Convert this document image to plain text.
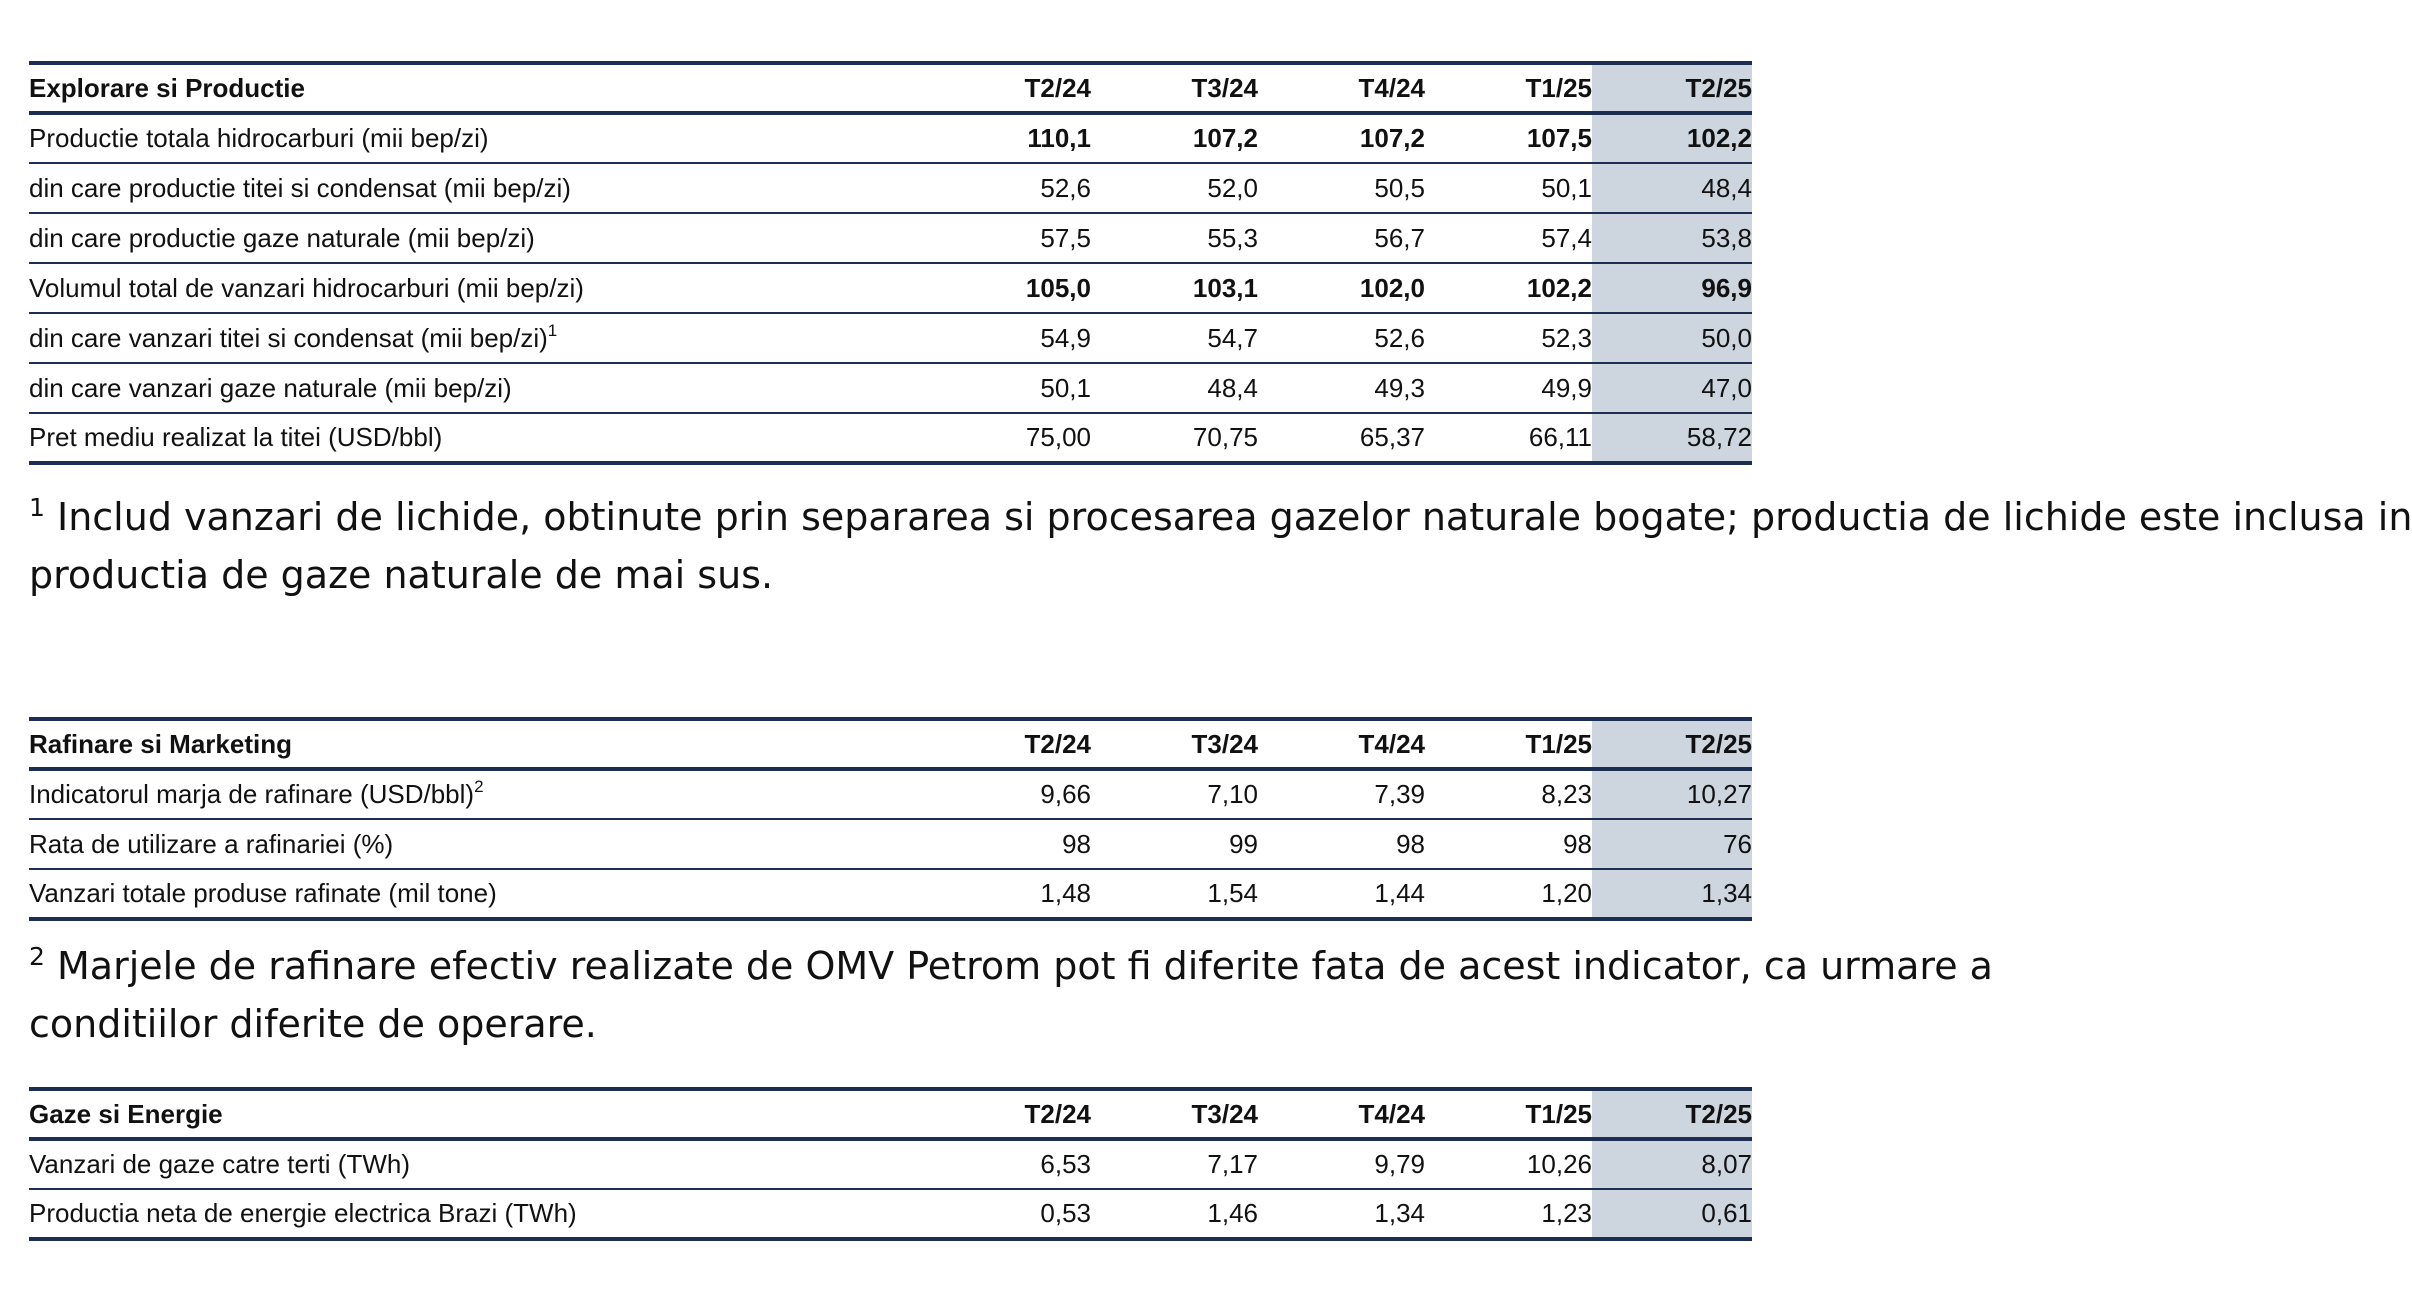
Explorare si Productie	T2/24	T3/24	T4/24	T1/25	T2/25
Productie totala hidrocarburi (mii bep/zi)	110,1	107,2	107,2	107,5	102,2
din care productie titei si condensat (mii bep/zi)	52,6	52,0	50,5	50,1	48,4
din care productie gaze naturale (mii bep/zi)	57,5	55,3	56,7	57,4	53,8
Volumul total de vanzari hidrocarburi (mii bep/zi)	105,0	103,1	102,0	102,2	96,9
din care vanzari titei si condensat (mii bep/zi)$^1$	54,9	54,7	52,6	52,3	50,0
din care vanzari gaze naturale (mii bep/zi)	50,1	48,4	49,3	49,9	47,0
Pret mediu realizat la titei (USD/bbl)	75,00	70,75	65,37	66,11	58,72
$^1$ Includ vanzari de lichide, obtinute prin separarea si procesarea gazelor naturale bogate; productia de lichide este inclusa in
productia de gaze naturale de mai sus.
Rafinare si Marketing	T2/24	T3/24	T4/24	T1/25	T2/25
Indicatorul marja de rafinare (USD/bbl)$^2$	9,66	7,10	7,39	8,23	10,27
Rata de utilizare a rafinariei (%)	98	99	98	98	76
Vanzari totale produse rafinate (mil tone)	1,48	1,54	1,44	1,20	1,34
$^2$ Marjele de rafinare efectiv realizate de OMV Petrom pot fi diferite fata de acest indicator, ca urmare a
conditiilor diferite de operare.
Gaze si Energie	T2/24	T3/24	T4/24	T1/25	T2/25
Vanzari de gaze catre terti (TWh)	6,53	7,17	9,79	10,26	8,07
Productia neta de energie electrica Brazi (TWh)	0,53	1,46	1,34	1,23	0,61
